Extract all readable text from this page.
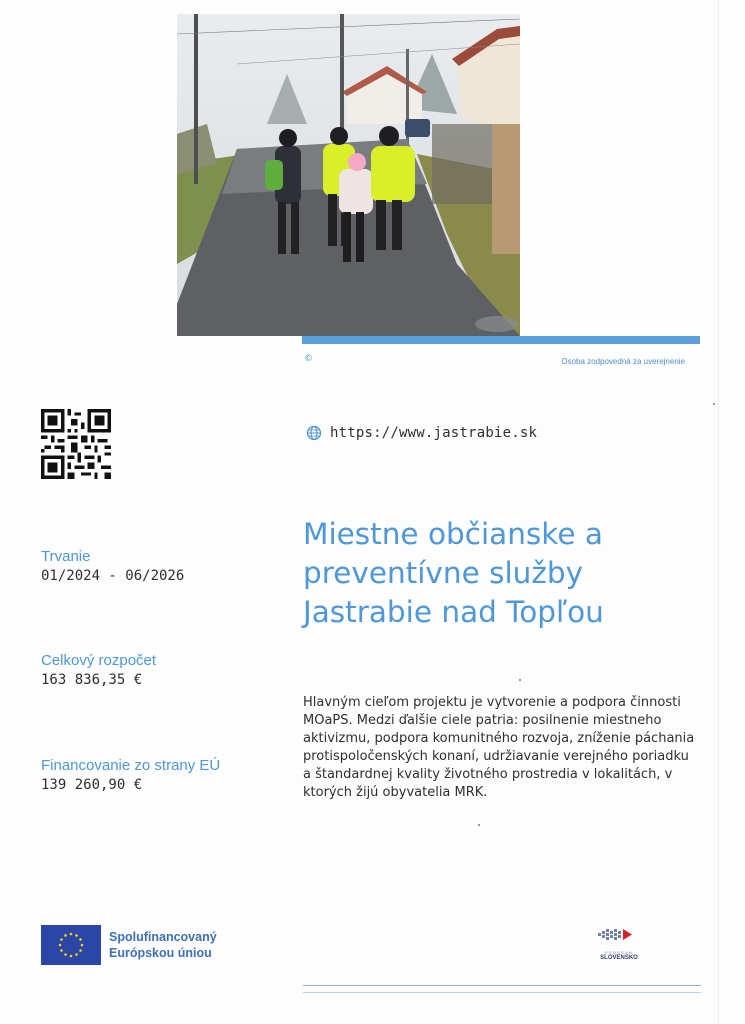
©	Osoba zodpovedná za uverejnenie
https://www.jastrabie.sk
Trvanie
01/2024 - 06/2026
Celkový rozpočet
163 836,35 €
Financovanie zo strany EÚ
139 260,90 €
Miestne občianske a preventívne služby Jastrabie nad Topľou

Hlavným cieľom projektu je vytvorenie a podpora činnosti MOaPS. Medzi ďalšie ciele patria: posilnenie miestneho aktivizmu, podpora komunitného rozvoja, zníženie páchania protispoločenských konaní, udržiavanie verejného poriadku a štandardnej kvality životného prostredia v lokalitách, v ktorých žijú obyvatelia MRK.

Spolufinancovaný
Európskou úniou	PROGRAM
SLOVENSKO
